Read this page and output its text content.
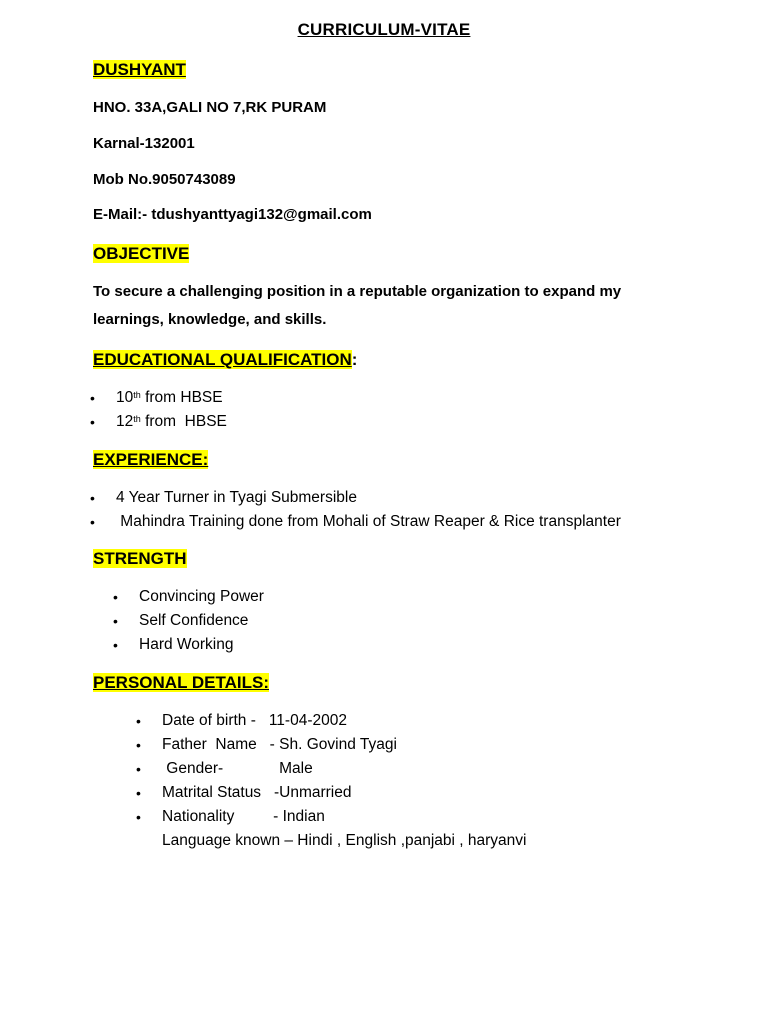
CURRICULUM-VITAE
DUSHYANT
HNO. 33A,GALI NO 7,RK PURAM
Karnal-132001
Mob No.9050743089
E-Mail:- tdushyanttyagi132@gmail.com
OBJECTIVE
To secure a challenging position in a reputable organization to expand my learnings, knowledge, and skills.
EDUCATIONAL QUALIFICATION:
• 10th from HBSE
• 12th from  HBSE
EXPERIENCE:
• 4 Year Turner in Tyagi Submersible
• Mahindra Training done from Mohali of Straw Reaper & Rice transplanter
STRENGTH
• Convincing Power
• Self Confidence
• Hard Working
PERSONAL DETAILS:
• Date of birth -   11-04-2002
• Father  Name   - Sh. Govind Tyagi
• Gender-             Male
• Matrital Status   -Unmarried
• Nationality         - Indian
Language known – Hindi , English ,panjabi , haryanvi
